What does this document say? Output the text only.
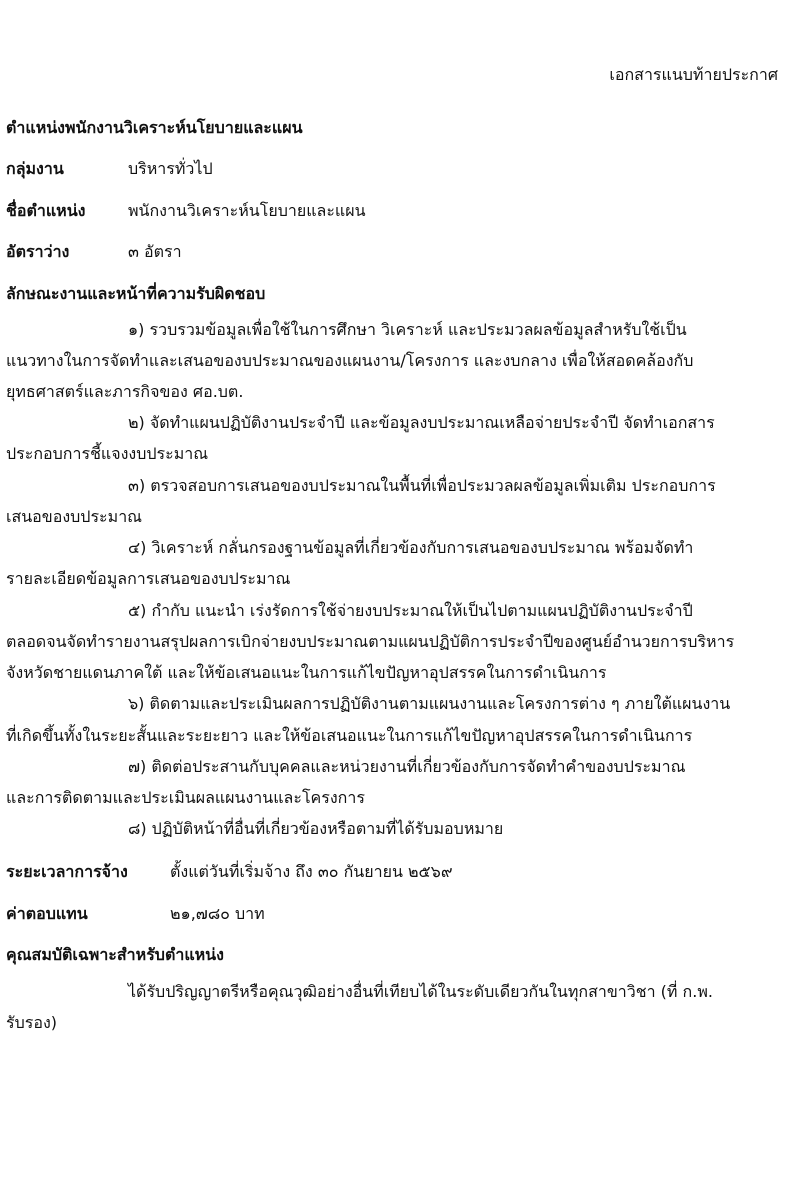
เอกสารแนบท้ายประกาศ
ตำแหน่งพนักงานวิเคราะห์นโยบายและแผน
กลุ่มงาน	บริหารทั่วไป
ชื่อตำแหน่ง	พนักงานวิเคราะห์นโยบายและแผน
อัตราว่าง	๓ อัตรา
ลักษณะงานและหน้าที่ความรับผิดชอบ
๑) รวบรวมข้อมูลเพื่อใช้ในการศึกษา วิเคราะห์ และประมวลผลข้อมูลสำหรับใช้เป็น
แนวทางในการจัดทำและเสนอของบประมาณของแผนงาน/โครงการ และงบกลาง เพื่อให้สอดคล้องกับ
ยุทธศาสตร์และภารกิจของ ศอ.บต.
๒) จัดทำแผนปฏิบัติงานประจำปี และข้อมูลงบประมาณเหลือจ่ายประจำปี จัดทำเอกสาร
ประกอบการชี้แจงงบประมาณ
๓) ตรวจสอบการเสนอของบประมาณในพื้นที่เพื่อประมวลผลข้อมูลเพิ่มเติม ประกอบการ
เสนอของบประมาณ
๔) วิเคราะห์ กลั่นกรองฐานข้อมูลที่เกี่ยวข้องกับการเสนอของบประมาณ พร้อมจัดทำ
รายละเอียดข้อมูลการเสนอของบประมาณ
๕) กำกับ แนะนำ เร่งรัดการใช้จ่ายงบประมาณให้เป็นไปตามแผนปฏิบัติงานประจำปี
ตลอดจนจัดทำรายงานสรุปผลการเบิกจ่ายงบประมาณตามแผนปฏิบัติการประจำปีของศูนย์อำนวยการบริหาร
จังหวัดชายแดนภาคใต้ และให้ข้อเสนอแนะในการแก้ไขปัญหาอุปสรรคในการดำเนินการ
๖) ติดตามและประเมินผลการปฏิบัติงานตามแผนงานและโครงการต่าง ๆ ภายใต้แผนงาน
ที่เกิดขึ้นทั้งในระยะสั้นและระยะยาว และให้ข้อเสนอแนะในการแก้ไขปัญหาอุปสรรคในการดำเนินการ
๗) ติดต่อประสานกับบุคคลและหน่วยงานที่เกี่ยวข้องกับการจัดทำคำของบประมาณ
และการติดตามและประเมินผลแผนงานและโครงการ
๘) ปฏิบัติหน้าที่อื่นที่เกี่ยวข้องหรือตามที่ได้รับมอบหมาย
ระยะเวลาการจ้าง	ตั้งแต่วันที่เริ่มจ้าง ถึง ๓๐ กันยายน ๒๕๖๙
ค่าตอบแทน	๒๑,๗๘๐ บาท
คุณสมบัติเฉพาะสำหรับตำแหน่ง
ได้รับปริญญาตรีหรือคุณวุฒิอย่างอื่นที่เทียบได้ในระดับเดียวกันในทุกสาขาวิชา (ที่ ก.พ.
รับรอง)
